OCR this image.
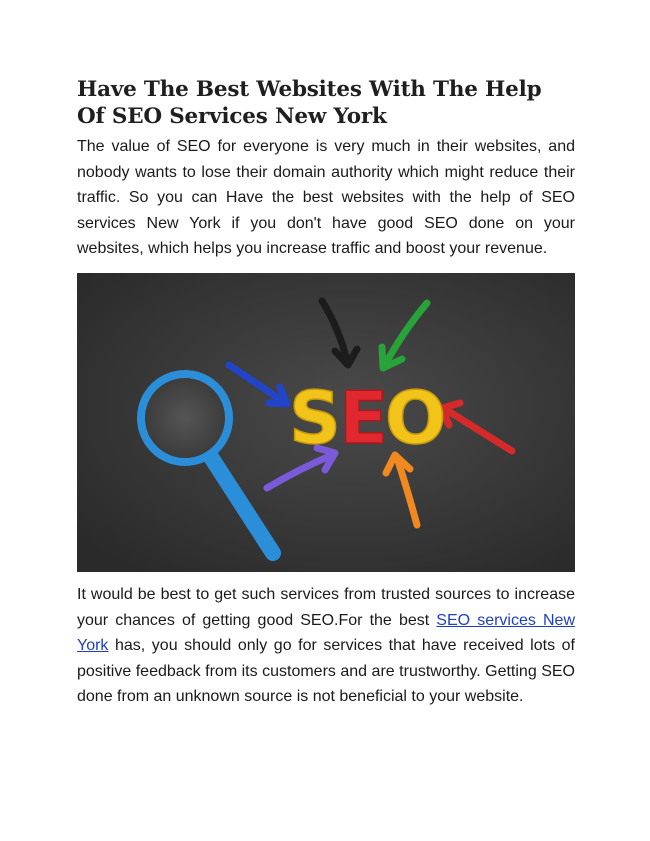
Have The Best Websites With The Help Of SEO Services New York

The value of SEO for everyone is very much in their websites, and nobody wants to lose their domain authority which might reduce their traffic. So you can Have the best websites with the help of SEO services New York if you don't have good SEO done on your websites, which helps you increase traffic and boost your revenue.

S
E
O

It would be best to get such services from trusted sources to increase your chances of getting good SEO.For the best SEO services New York has, you should only go for services that have received lots of positive feedback from its customers and are trustworthy. Getting SEO done from an unknown source is not beneficial to your website.
